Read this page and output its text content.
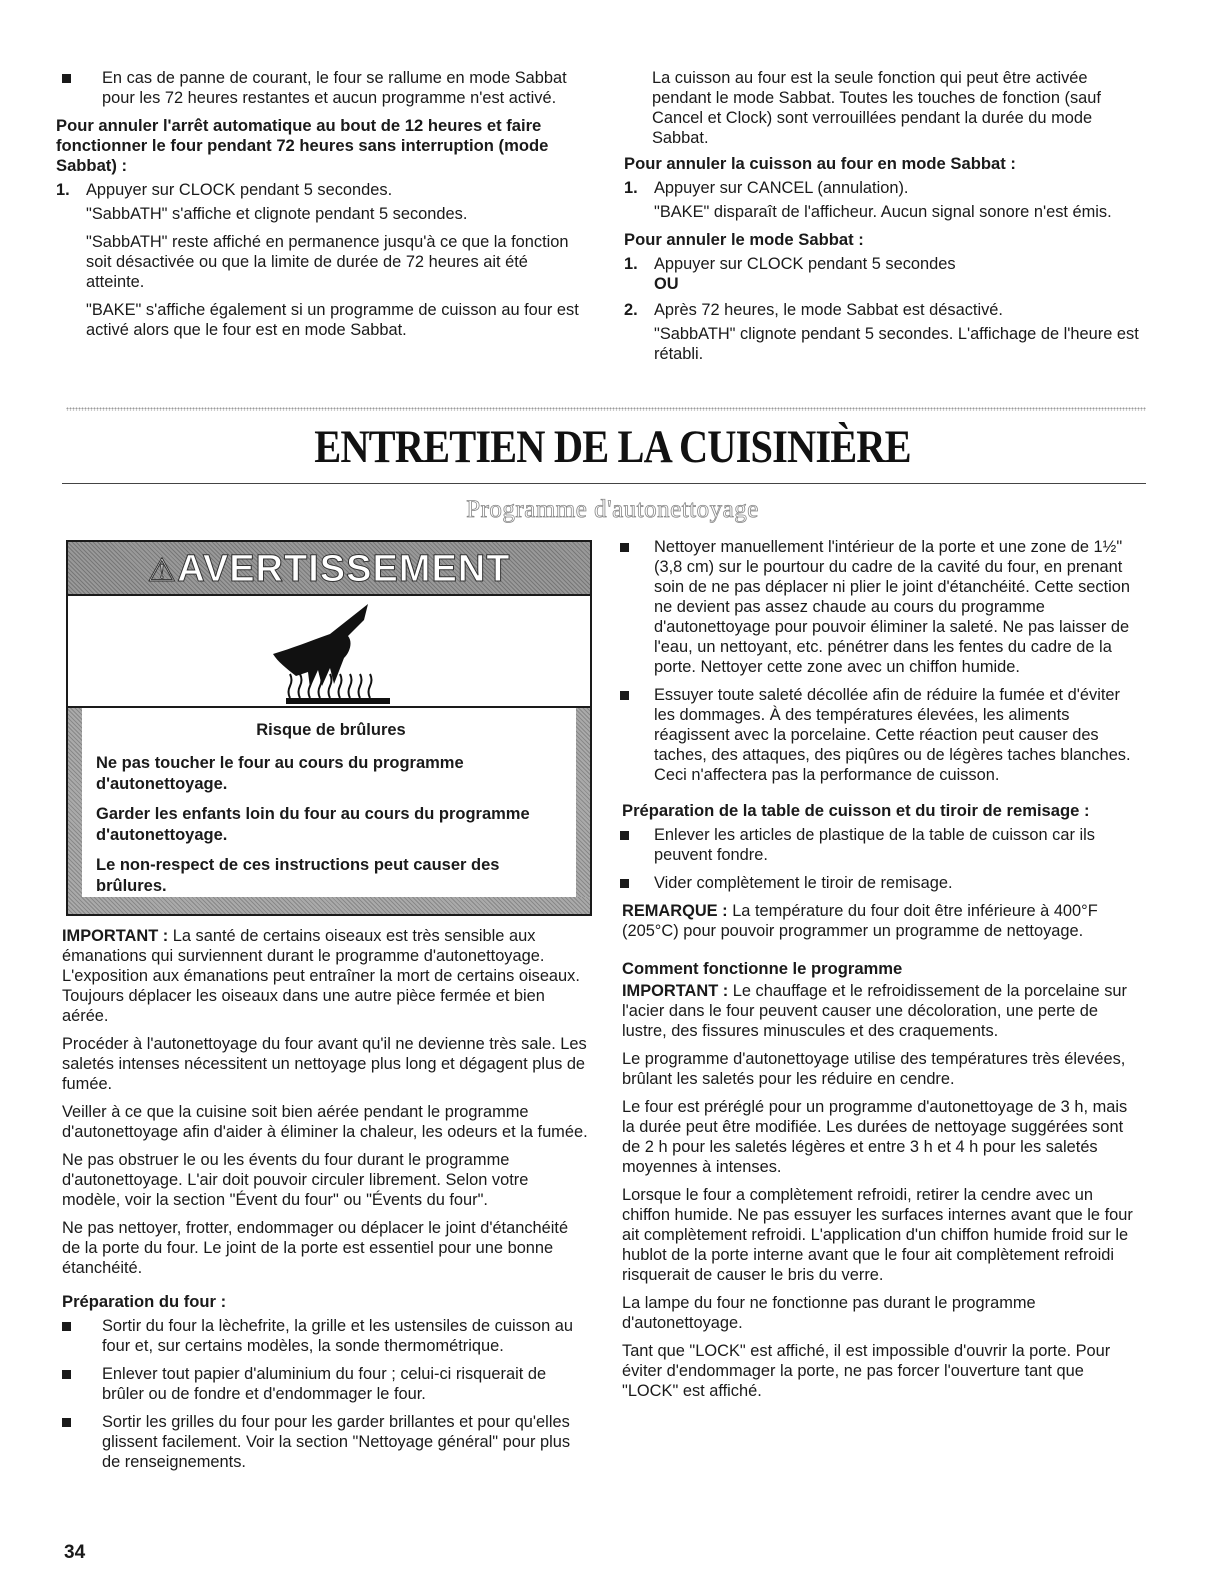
En cas de panne de courant, le four se rallume en mode Sabbat pour les 72 heures restantes et aucun programme n'est activé.

Pour annuler l'arrêt automatique au bout de 12 heures et faire fonctionner le four pendant 72 heures sans interruption (mode Sabbat) :

1. Appuyer sur CLOCK pendant 5 secondes.

"SabbATH" s'affiche et clignote pendant 5 secondes.

"SabbATH" reste affiché en permanence jusqu'à ce que la fonction soit désactivée ou que la limite de durée de 72 heures ait été atteinte.

"BAKE" s'affiche également si un programme de cuisson au four est activé alors que le four est en mode Sabbat.

La cuisson au four est la seule fonction qui peut être activée pendant le mode Sabbat. Toutes les touches de fonction (sauf Cancel et Clock) sont verrouillées pendant la durée du mode Sabbat.

Pour annuler la cuisson au four en mode Sabbat :

1. Appuyer sur CANCEL (annulation).

"BAKE" disparaît de l'afficheur. Aucun signal sonore n'est émis.

Pour annuler le mode Sabbat :

1. Appuyer sur CLOCK pendant 5 secondes
OU
2. Après 72 heures, le mode Sabbat est désactivé.

"SabbATH" clignote pendant 5 secondes. L'affichage de l'heure est rétabli.

ENTRETIEN DE LA CUISINIÈRE
Programme d'autonettoyage
⚠AVERTISSEMENT

Risque de brûlures

Ne pas toucher le four au cours du programme d'autonettoyage.

Garder les enfants loin du four au cours du programme d'autonettoyage.

Le non-respect de ces instructions peut causer des brûlures.

IMPORTANT : La santé de certains oiseaux est très sensible aux émanations qui surviennent durant le programme d'autonettoyage. L'exposition aux émanations peut entraîner la mort de certains oiseaux. Toujours déplacer les oiseaux dans une autre pièce fermée et bien aérée.

Procéder à l'autonettoyage du four avant qu'il ne devienne très sale. Les saletés intenses nécessitent un nettoyage plus long et dégagent plus de fumée.

Veiller à ce que la cuisine soit bien aérée pendant le programme d'autonettoyage afin d'aider à éliminer la chaleur, les odeurs et la fumée.

Ne pas obstruer le ou les évents du four durant le programme d'autonettoyage. L'air doit pouvoir circuler librement. Selon votre modèle, voir la section "Évent du four" ou "Évents du four".

Ne pas nettoyer, frotter, endommager ou déplacer le joint d'étanchéité de la porte du four. Le joint de la porte est essentiel pour une bonne étanchéité.

Préparation du four :

Sortir du four la lèchefrite, la grille et les ustensiles de cuisson au four et, sur certains modèles, la sonde thermométrique.

Enlever tout papier d'aluminium du four ; celui-ci risquerait de brûler ou de fondre et d'endommager le four.

Sortir les grilles du four pour les garder brillantes et pour qu'elles glissent facilement. Voir la section "Nettoyage général" pour plus de renseignements.

Nettoyer manuellement l'intérieur de la porte et une zone de 1½" (3,8 cm) sur le pourtour du cadre de la cavité du four, en prenant soin de ne pas déplacer ni plier le joint d'étanchéité. Cette section ne devient pas assez chaude au cours du programme d'autonettoyage pour pouvoir éliminer la saleté. Ne pas laisser de l'eau, un nettoyant, etc. pénétrer dans les fentes du cadre de la porte. Nettoyer cette zone avec un chiffon humide.

Essuyer toute saleté décollée afin de réduire la fumée et d'éviter les dommages. À des températures élevées, les aliments réagissent avec la porcelaine. Cette réaction peut causer des taches, des attaques, des piqûres ou de légères taches blanches. Ceci n'affectera pas la performance de cuisson.

Préparation de la table de cuisson et du tiroir de remisage :

Enlever les articles de plastique de la table de cuisson car ils peuvent fondre.

Vider complètement le tiroir de remisage.

REMARQUE : La température du four doit être inférieure à 400°F (205°C) pour pouvoir programmer un programme de nettoyage.

Comment fonctionne le programme

IMPORTANT : Le chauffage et le refroidissement de la porcelaine sur l'acier dans le four peuvent causer une décoloration, une perte de lustre, des fissures minuscules et des craquements.

Le programme d'autonettoyage utilise des températures très élevées, brûlant les saletés pour les réduire en cendre.

Le four est préréglé pour un programme d'autonettoyage de 3 h, mais la durée peut être modifiée. Les durées de nettoyage suggérées sont de 2 h pour les saletés légères et entre 3 h et 4 h pour les saletés moyennes à intenses.

Lorsque le four a complètement refroidi, retirer la cendre avec un chiffon humide. Ne pas essuyer les surfaces internes avant que le four ait complètement refroidi. L'application d'un chiffon humide froid sur le hublot de la porte interne avant que le four ait complètement refroidi risquerait de causer le bris du verre.

La lampe du four ne fonctionne pas durant le programme d'autonettoyage.

Tant que "LOCK" est affiché, il est impossible d'ouvrir la porte. Pour éviter d'endommager la porte, ne pas forcer l'ouverture tant que "LOCK" est affiché.

34
